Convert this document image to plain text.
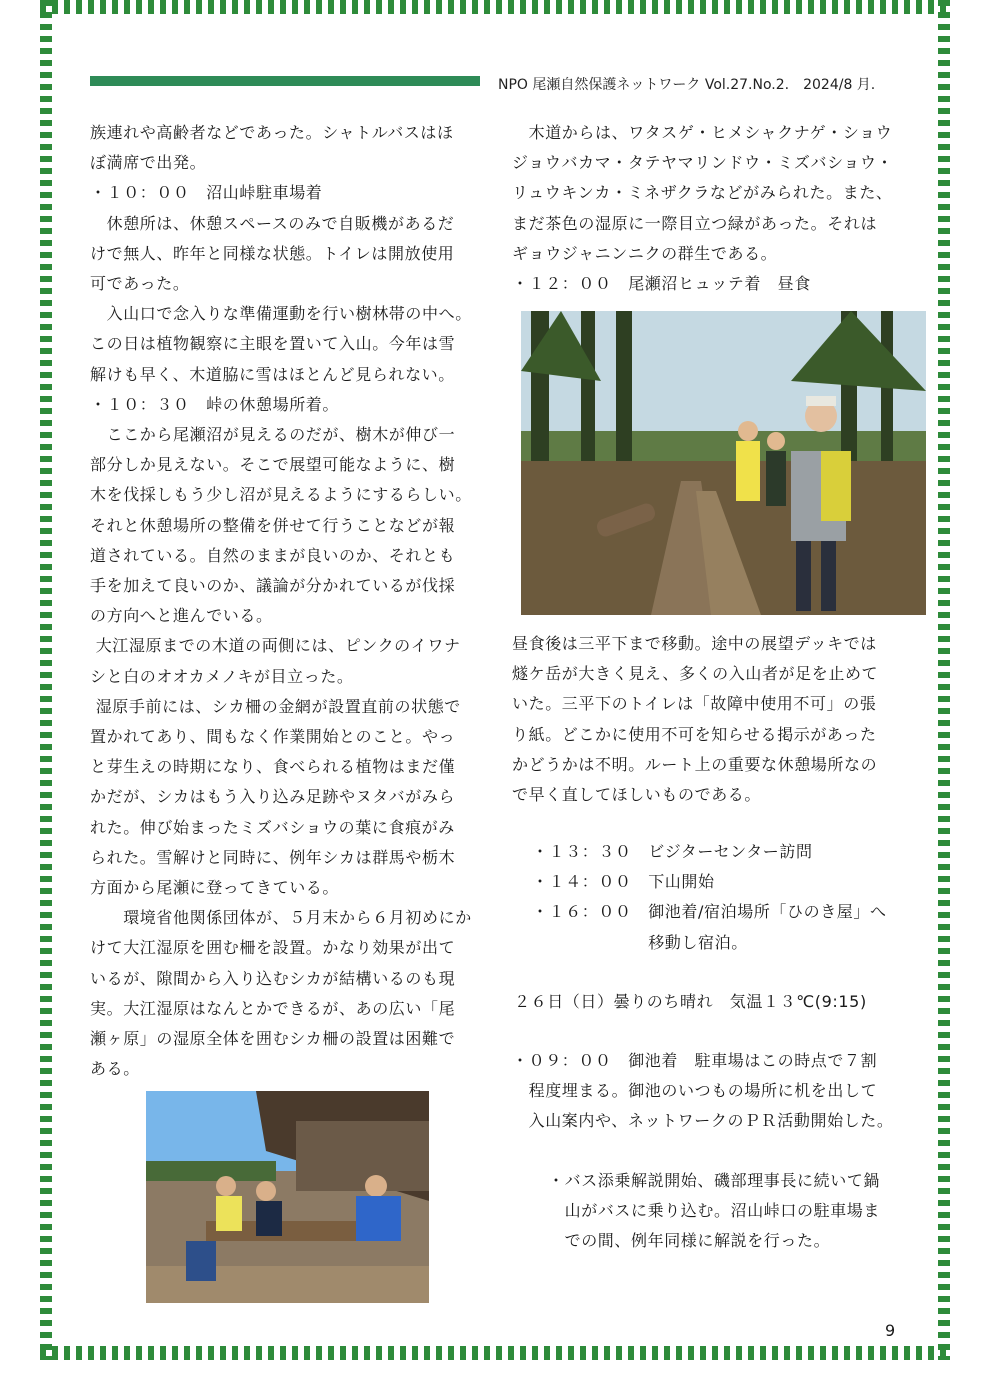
NPO 尾瀬自然保護ネットワーク Vol.27.No.2.　2024/8 月.

族連れや高齢者などであった。シャトルバスはほ

ぼ満席で出発。

・１０：００　沼山峠駐車場着

　休憩所は、休憩スペースのみで自販機があるだ

けで無人、昨年と同様な状態。トイレは開放使用

可であった。

　入山口で念入りな準備運動を行い樹林帯の中へ。

この日は植物観察に主眼を置いて入山。今年は雪

解けも早く、木道脇に雪はほとんど見られない。

・１０：３０　峠の休憩場所着。

　ここから尾瀬沼が見えるのだが、樹木が伸び一

部分しか見えない。そこで展望可能なように、樹

木を伐採しもう少し沼が見えるようにするらしい。

それと休憩場所の整備を併せて行うことなどが報

道されている。自然のままが良いのか、それとも

手を加えて良いのか、議論が分かれているが伐採

の方向へと進んでいる。

大江湿原までの木道の両側には、ピンクのイワナ

シと白のオオカメノキが目立った。

湿原手前には、シカ柵の金網が設置直前の状態で

置かれてあり、間もなく作業開始とのこと。やっ

と芽生えの時期になり、食べられる植物はまだ僅

かだが、シカはもう入り込み足跡やヌタバがみら

れた。伸び始まったミズバショウの葉に食痕がみ

られた。雪解けと同時に、例年シカは群馬や栃木

方面から尾瀬に登ってきている。

　　環境省他関係団体が、５月末から６月初めにか

けて大江湿原を囲む柵を設置。かなり効果が出て

いるが、隙間から入り込むシカが結構いるのも現

実。大江湿原はなんとかできるが、あの広い「尾

瀬ヶ原」の湿原全体を囲むシカ柵の設置は困難で

ある。

　木道からは、ワタスゲ・ヒメシャクナゲ・ショウ

ジョウバカマ・タテヤマリンドウ・ミズバショウ・

リュウキンカ・ミネザクラなどがみられた。また、

まだ茶色の湿原に一際目立つ緑があった。それは

ギョウジャニンニクの群生である。

・１２：００　尾瀬沼ヒュッテ着　昼食

昼食後は三平下まで移動。途中の展望デッキでは

燧ケ岳が大きく見え、多くの入山者が足を止めて

いた。三平下のトイレは「故障中使用不可」の張

り紙。どこかに使用不可を知らせる掲示があった

かどうかは不明。ルート上の重要な休憩場所なの

で早く直してほしいものである。

・１３：３０　ビジターセンター訪問

・１４：００　下山開始

・１６：００　御池着/宿泊場所「ひのき屋」へ

　　　　　　　移動し宿泊。

２６日（日）曇りのち晴れ　気温１３℃(9:15)

・０９：００　御池着　駐車場はこの時点で７割

　程度埋まる。御池のいつもの場所に机を出して

　入山案内や、ネットワークのＰＲ活動開始した。

・バス添乗解説開始、磯部理事長に続いて鍋

　山がバスに乗り込む。沼山峠口の駐車場ま

　での間、例年同様に解説を行った。

9
